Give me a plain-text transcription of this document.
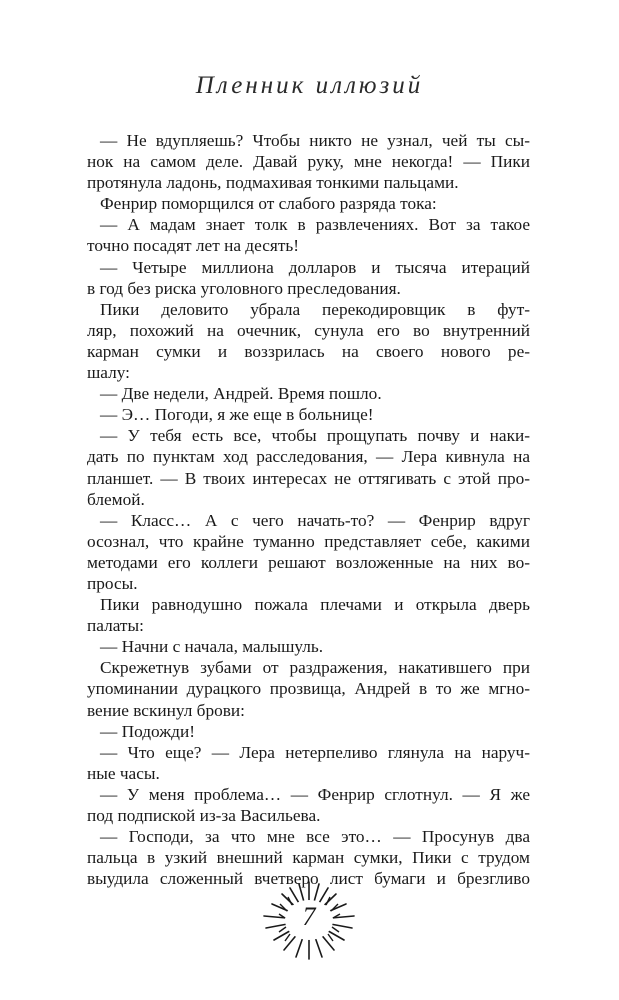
Пленник иллюзий

— Не вдупляешь? Чтобы никто не узнал, чей ты сы-

нок на самом деле. Давай руку, мне некогда! — Пики

протянула ладонь, подмахивая тонкими пальцами.

Фенрир поморщился от слабого разряда тока:

— А мадам знает толк в развлечениях. Вот за такое

точно посадят лет на десять!

— Четыре миллиона долларов и тысяча итераций

в год без риска уголовного преследования.

Пики деловито убрала перекодировщик в фут-

ляр, похожий на очечник, сунула его во внутренний

карман сумки и воззрилась на своего нового ре-

шалу:

— Две недели, Андрей. Время пошло.

— Э… Погоди, я же еще в больнице!

— У тебя есть все, чтобы прощупать почву и наки-

дать по пунктам ход расследования, — Лера кивнула на

планшет. — В твоих интересах не оттягивать с этой про-

блемой.

— Класс… А с чего начать-то? — Фенрир вдруг

осознал, что крайне туманно представляет себе, какими

методами его коллеги решают возложенные на них во-

просы.

Пики равнодушно пожала плечами и открыла дверь

палаты:

— Начни с начала, малышуль.

Скрежетнув зубами от раздражения, накатившего при

упоминании дурацкого прозвища, Андрей в то же мгно-

вение вскинул брови:

— Подожди!

— Что еще? — Лера нетерпеливо глянула на наруч-

ные часы.

— У меня проблема… — Фенрир сглотнул. — Я же

под подпиской из-за Васильева.

— Господи, за что мне все это… — Просунув два

пальца в узкий внешний карман сумки, Пики с трудом

выудила сложенный вчетверо лист бумаги и брезгливо

7
